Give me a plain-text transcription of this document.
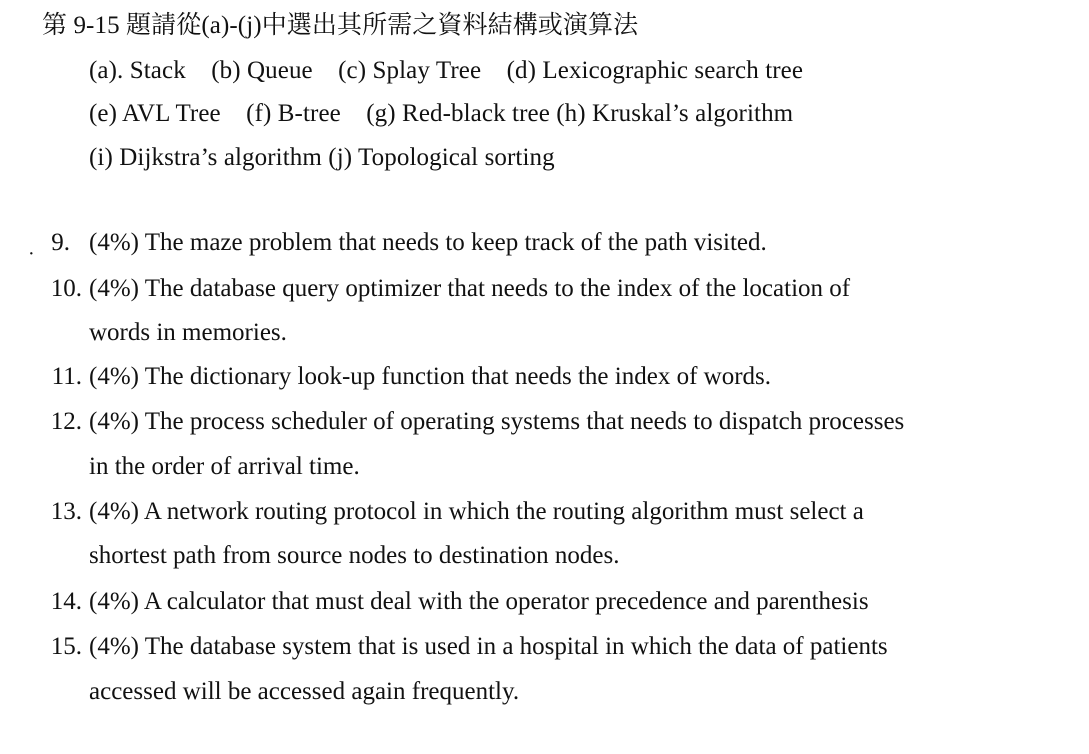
第 9-15 題請從(a)-(j)中選出其所需之資料結構或演算法
(a). Stack    (b) Queue    (c) Splay Tree    (d) Lexicographic search tree
(e) AVL Tree    (f) B-tree    (g) Red-black tree (h) Kruskal’s algorithm
(i) Dijkstra’s algorithm (j) Topological sorting
· 9. (4%) The maze problem that needs to keep track of the path visited.
10. (4%) The database query optimizer that needs to the index of the location of
words in memories.
11. (4%) The dictionary look-up function that needs the index of words.
12. (4%) The process scheduler of operating systems that needs to dispatch processes
in the order of arrival time.
13. (4%) A network routing protocol in which the routing algorithm must select a
shortest path from source nodes to destination nodes.
14. (4%) A calculator that must deal with the operator precedence and parenthesis
15. (4%) The database system that is used in a hospital in which the data of patients
accessed will be accessed again frequently.
